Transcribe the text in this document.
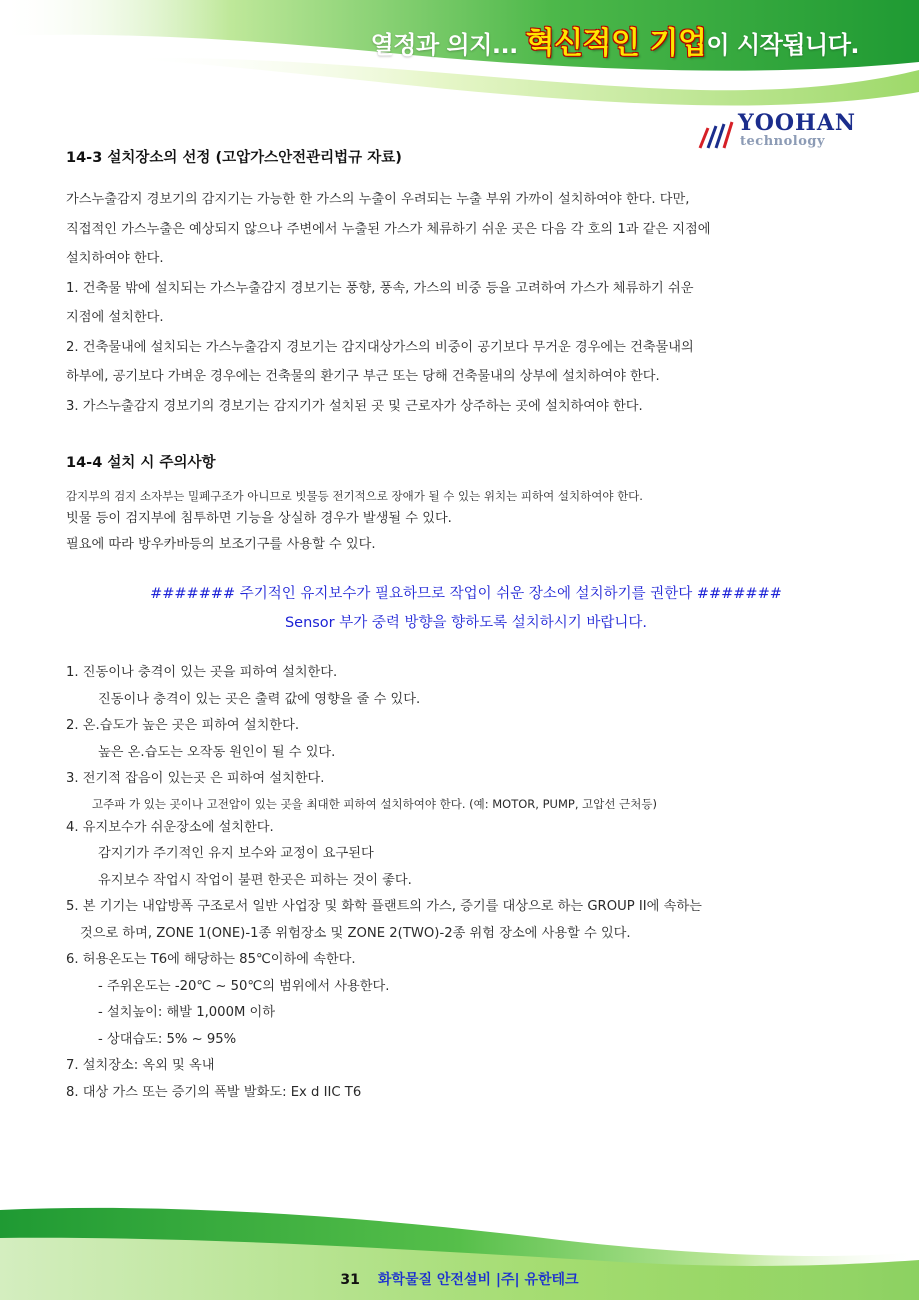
열정과 의지... 혁신적인 기업이 시작됩니다.
YOOHAN
technology
14-3 설치장소의 선정 (고압가스안전관리법규 자료)

가스누출감지 경보기의 감지기는 가능한 한 가스의 누출이 우려되는 누출 부위 가까이 설치하여야 한다. 다만,

직접적인 가스누출은 예상되지 않으나 주변에서 누출된 가스가 체류하기 쉬운 곳은 다음 각 호의 1과 같은 지점에

설치하여야 한다.

1. 건축물 밖에 설치되는 가스누출감지 경보기는 풍향, 풍속, 가스의 비중 등을 고려하여 가스가 체류하기 쉬운

지점에 설치한다.

2. 건축물내에 설치되는 가스누출감지 경보기는 감지대상가스의 비중이 공기보다 무거운 경우에는 건축물내의

하부에, 공기보다 가벼운 경우에는 건축물의 환기구 부근 또는 당해 건축물내의 상부에 설치하여야 한다.

3. 가스누출감지 경보기의 경보기는 감지기가 설치된 곳 및 근로자가 상주하는 곳에 설치하여야 한다.

14-4 설치 시 주의사항

감지부의 검지 소자부는 밀폐구조가 아니므로 빗물등 전기적으로 장애가 될 수 있는 위치는 피하여 설치하여야 한다.

빗물 등이 검지부에 침투하면 기능을 상실하 경우가 발생될 수 있다.

필요에 따라 방우카바등의 보조기구를 사용할 수 있다.

####### 주기적인 유지보수가 필요하므로 작업이 쉬운 장소에 설치하기를 권한다 #######

Sensor 부가 중력 방향을 향하도록 설치하시기 바랍니다.

1. 진동이나 충격이 있는 곳을 피하여 설치한다.

진동이나 충격이 있는 곳은 출력 값에 영향을 줄 수 있다.

2. 온.습도가 높은 곳은 피하여 설치한다.

높은 온.습도는 오작동 원인이 될 수 있다.

3. 전기적 잡음이 있는곳 은 피하여 설치한다.

고주파 가 있는 곳이나 고전압이 있는 곳을 최대한 피하여 설치하여야 한다. (예: MOTOR, PUMP, 고압선 근처등)

4. 유지보수가 쉬운장소에 설치한다.

감지기가 주기적인 유지 보수와 교정이 요구된다

유지보수 작업시 작업이 불편 한곳은 피하는 것이 좋다.

5. 본 기기는 내압방폭 구조로서 일반 사업장 및 화학 플랜트의 가스, 증기를 대상으로 하는 GROUP II에 속하는

것으로 하며, ZONE 1(ONE)-1종 위험장소 및 ZONE 2(TWO)-2종 위험 장소에 사용할 수 있다.

6. 허용온도는 T6에 해당하는 85℃이하에 속한다.

- 주위온도는 -20℃ ~ 50℃의 범위에서 사용한다.

- 설치높이: 해발 1,000M 이하

- 상대습도: 5% ~ 95%

7. 설치장소: 옥외 및 옥내

8. 대상 가스 또는 증기의 폭발 발화도: Ex d IIC T6

31 화학물질 안전설비 |주| 유한테크
